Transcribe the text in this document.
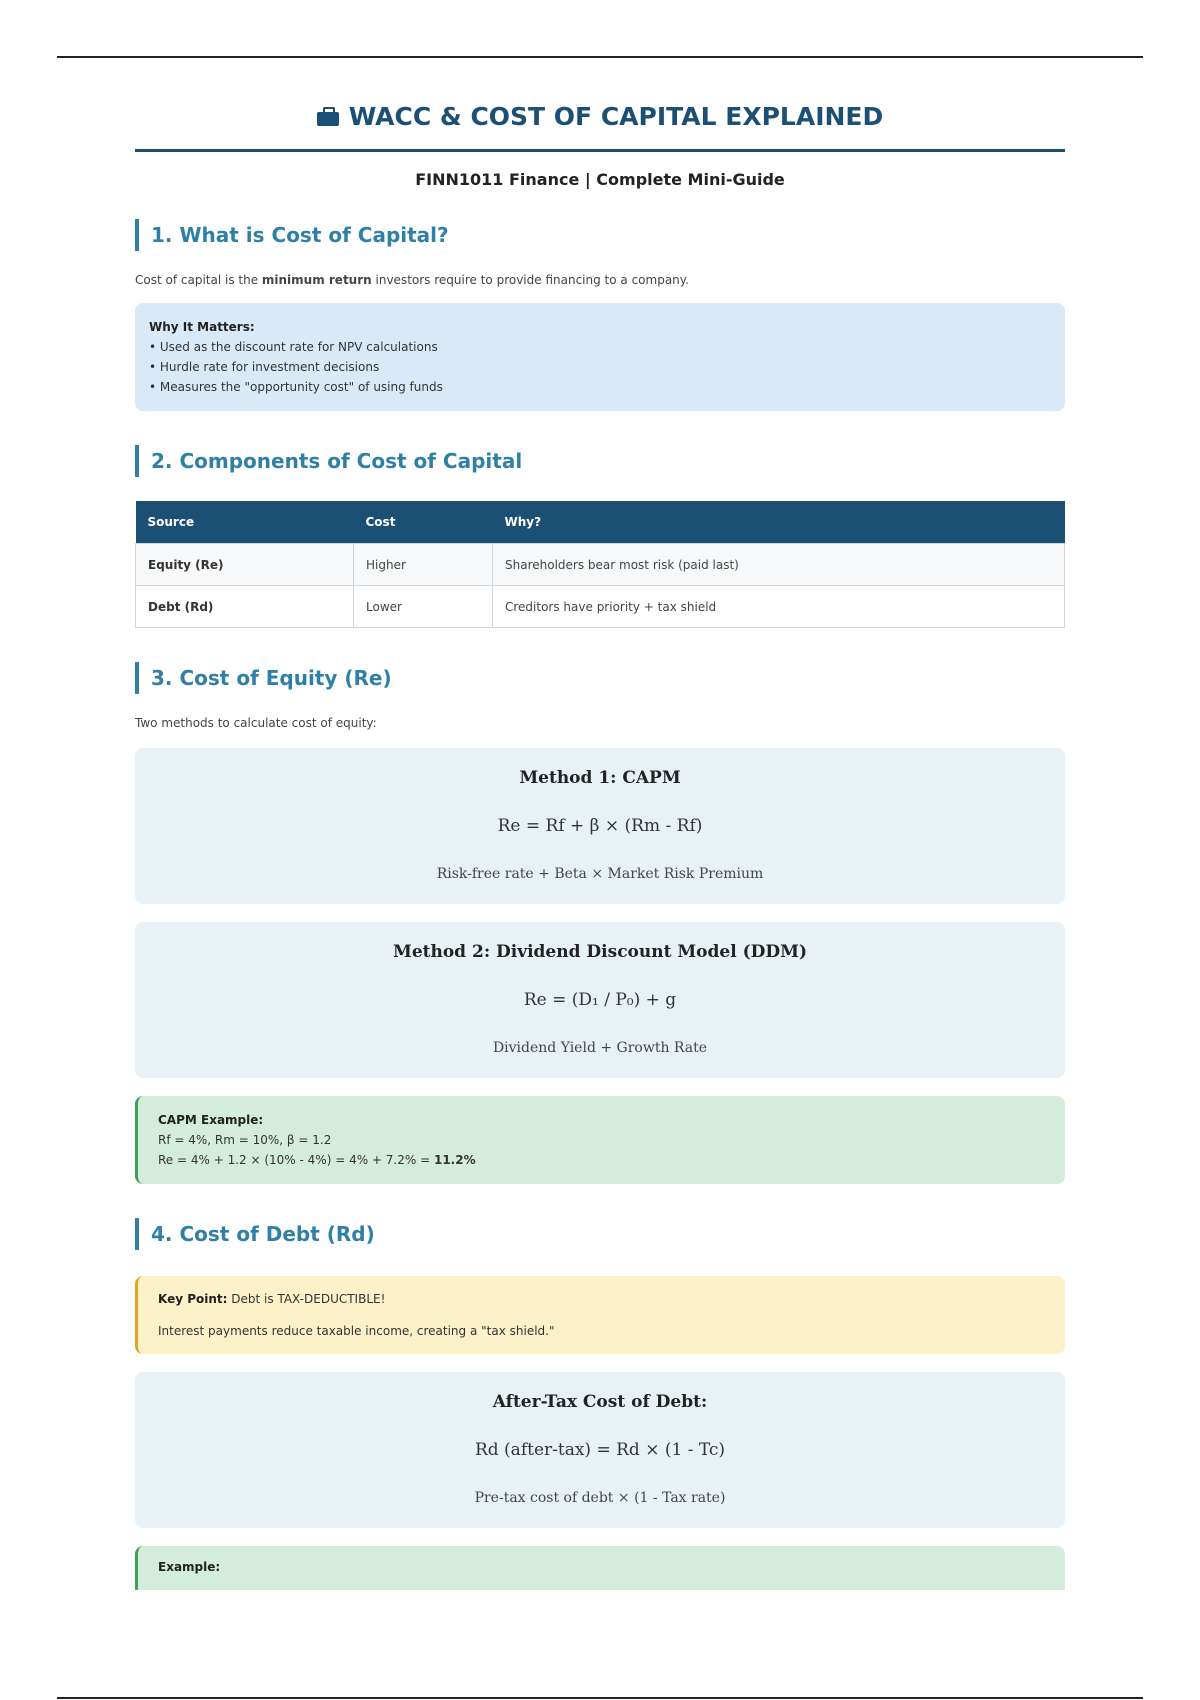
WACC & COST OF CAPITAL EXPLAINED
FINN1011 Finance | Complete Mini-Guide
1. What is Cost of Capital?
Cost of capital is the minimum return investors require to provide financing to a company.
Why It Matters:
• Used as the discount rate for NPV calculations
• Hurdle rate for investment decisions
• Measures the "opportunity cost" of using funds
2. Components of Cost of Capital
Source	Cost	Why?
Equity (Re)	Higher	Shareholders bear most risk (paid last)
Debt (Rd)	Lower	Creditors have priority + tax shield
3. Cost of Equity (Re)
Two methods to calculate cost of equity:
Method 1: CAPM
Re = Rf + β × (Rm - Rf)
Risk-free rate + Beta × Market Risk Premium
Method 2: Dividend Discount Model (DDM)
Re = (D₁ / P₀) + g
Dividend Yield + Growth Rate
CAPM Example:
Rf = 4%, Rm = 10%, β = 1.2
Re = 4% + 1.2 × (10% - 4%) = 4% + 7.2% = 11.2%
4. Cost of Debt (Rd)

Key Point: Debt is TAX-DEDUCTIBLE!

Interest payments reduce taxable income, creating a "tax shield."

After-Tax Cost of Debt:
Rd (after-tax) = Rd × (1 - Tc)
Pre-tax cost of debt × (1 - Tax rate)
Example:
